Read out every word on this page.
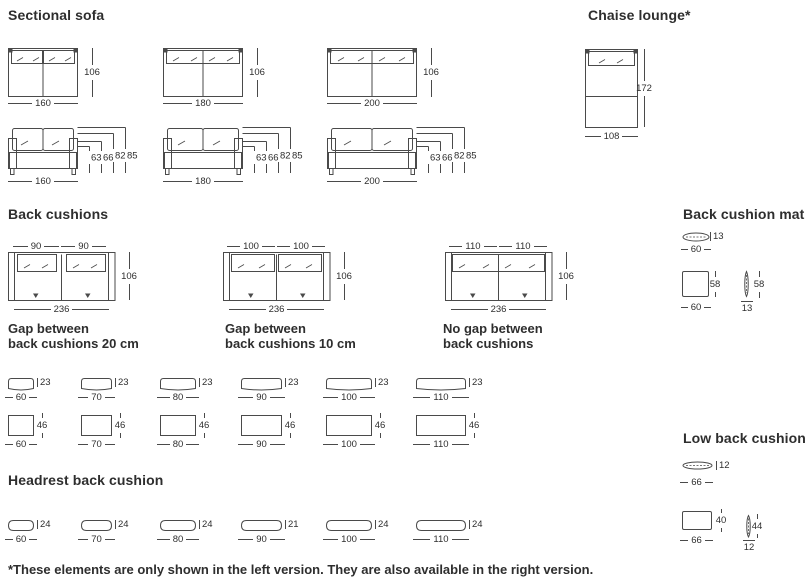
Sectional sofa	Chaise lounge*
Back cushions	Back cushion mat
Headrest back cushion
Low back cushion
106
160
106
180
106
200
63 66 82 85
160
63 66 82 85
180
63 66 82 85
200
172
108
90	90
106
236
Gap between
back cushions 20 cm
100	100
106
236
Gap between
back cushions 10 cm
110	110
106
236
No gap between
back cushions
13
60
58
60
58
13
23
60
23
70
23
80
23
90
23
100
23
110
46
60
46
70
46
80
46
90
46
100
46
110
24
60
24
70
24
80
21
90
24
100
24
110
12
66
40
66
44
12
*These elements are only shown in the left version. They are also available in the right version.
